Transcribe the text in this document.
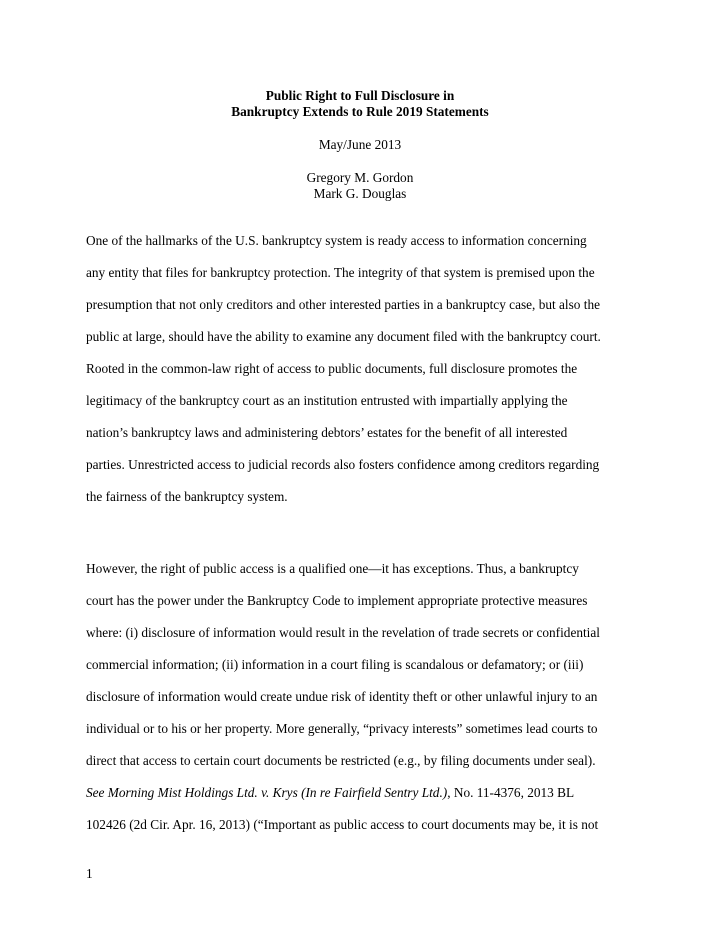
Public Right to Full Disclosure in
Bankruptcy Extends to Rule 2019 Statements
May/June 2013
Gregory M. Gordon
Mark G. Douglas
One of the hallmarks of the U.S. bankruptcy system is ready access to information concerning
any entity that files for bankruptcy protection. The integrity of that system is premised upon the
presumption that not only creditors and other interested parties in a bankruptcy case, but also the
public at large, should have the ability to examine any document filed with the bankruptcy court.
Rooted in the common-law right of access to public documents, full disclosure promotes the
legitimacy of the bankruptcy court as an institution entrusted with impartially applying the
nation’s bankruptcy laws and administering debtors’ estates for the benefit of all interested
parties. Unrestricted access to judicial records also fosters confidence among creditors regarding
the fairness of the bankruptcy system.
However, the right of public access is a qualified one—it has exceptions. Thus, a bankruptcy
court has the power under the Bankruptcy Code to implement appropriate protective measures
where: (i) disclosure of information would result in the revelation of trade secrets or confidential
commercial information; (ii) information in a court filing is scandalous or defamatory; or (iii)
disclosure of information would create undue risk of identity theft or other unlawful injury to an
individual or to his or her property. More generally, “privacy interests” sometimes lead courts to
direct that access to certain court documents be restricted (e.g., by filing documents under seal).
See Morning Mist Holdings Ltd. v. Krys (In re Fairfield Sentry Ltd.), No. 11-4376, 2013 BL
102426 (2d Cir. Apr. 16, 2013) (“Important as public access to court documents may be, it is not
1
